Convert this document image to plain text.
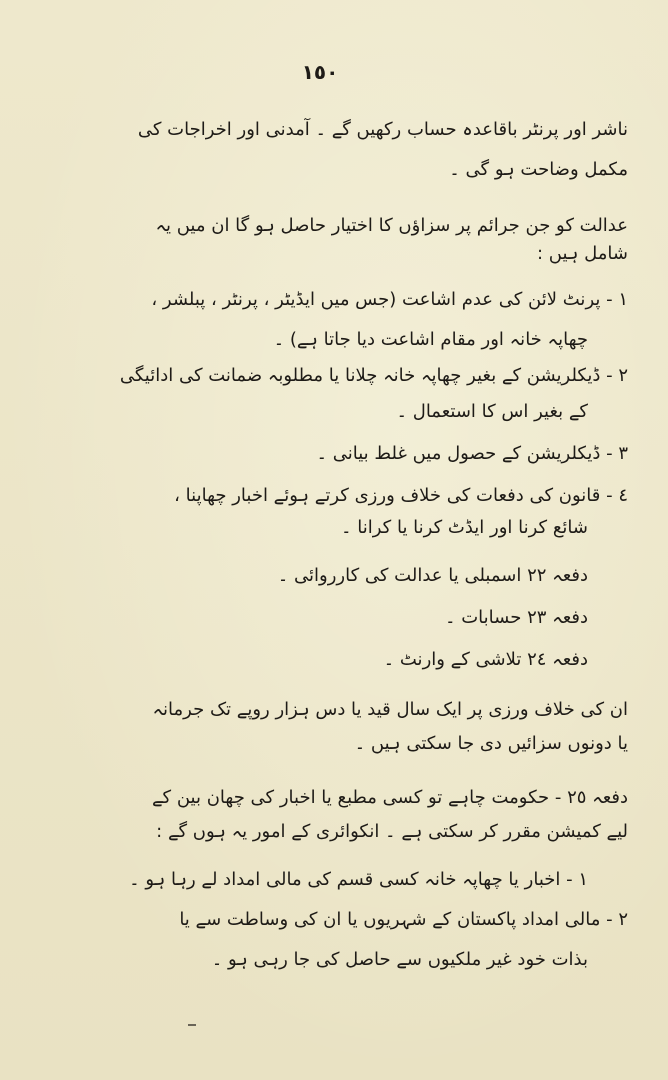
١٥٠
ناشر اور پرنٹر باقاعدہ حساب رکھیں گے ۔ آمدنی اور اخراجات کی
مکمل وضاحت ہو گی ۔
عدالت کو جن جرائم پر سزاؤں کا اختیار حاصل ہو گا ان میں یہ
شامل ہیں :
١ - پرنٹ لائن کی عدم اشاعت (جس میں ایڈیٹر ، پرنٹر ، پبلشر ،
چھاپہ خانہ اور مقام اشاعت دیا جاتا ہے) ۔
٢ - ڈیکلریشن کے بغیر چھاپہ خانہ چلانا یا مطلوبہ ضمانت کی ادائیگی
کے بغیر اس کا استعمال ۔
٣ - ڈیکلریشن کے حصول میں غلط بیانی ۔
٤ - قانون کی دفعات کی خلاف ورزی کرتے ہوئے اخبار چھاپنا ،
شائع کرنا اور ایڈٹ کرنا یا کرانا ۔
دفعہ ٢٢ اسمبلی یا عدالت کی کارروائی ۔
دفعہ ٢٣ حسابات ۔
دفعہ ٢٤ تلاشی کے وارنٹ ۔
ان کی خلاف ورزی پر ایک سال قید یا دس ہزار روپے تک جرمانہ
یا دونوں سزائیں دی جا سکتی ہیں ۔
دفعہ ٢٥ - حکومت چاہے تو کسی مطبع یا اخبار کی چھان بین کے
لیے کمیشن مقرر کر سکتی ہے ۔ انکوائری کے امور یہ ہوں گے :
١ - اخبار یا چھاپہ خانہ کسی قسم کی مالی امداد لے رہا ہو ۔
٢ - مالی امداد پاکستان کے شہریوں یا ان کی وساطت سے یا
بذات خود غیر ملکیوں سے حاصل کی جا رہی ہو ۔
